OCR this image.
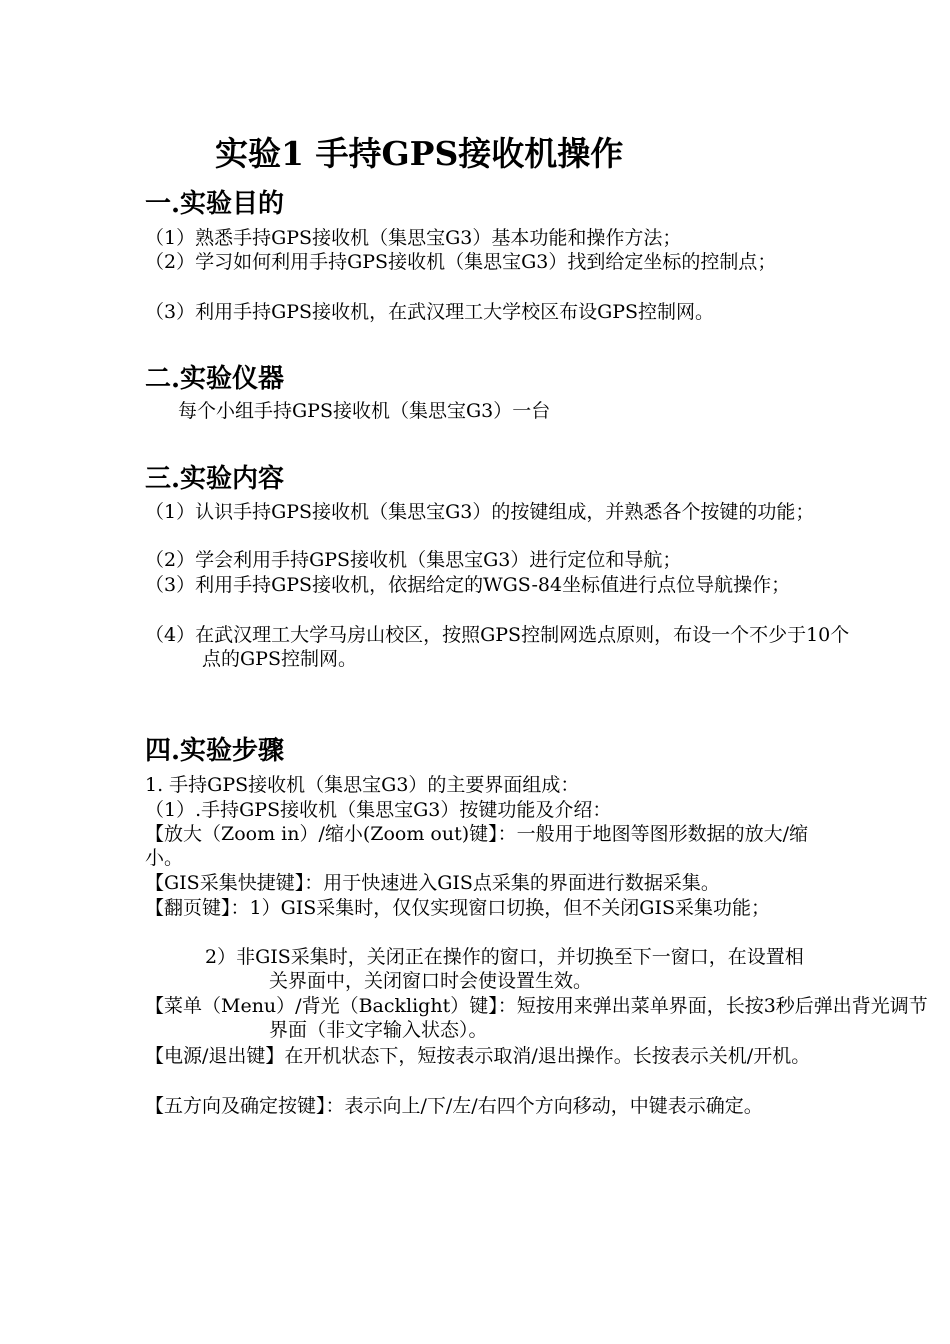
实验1 手持GPS接收机操作
一.实验目的
（1）熟悉手持GPS接收机（集思宝G3）基本功能和操作方法；
（2）学习如何利用手持GPS接收机（集思宝G3）找到给定坐标的控制点；
（3）利用手持GPS接收机，在武汉理工大学校区布设GPS控制网。
二.实验仪器
每个小组手持GPS接收机（集思宝G3）一台
三.实验内容
（1）认识手持GPS接收机（集思宝G3）的按键组成，并熟悉各个按键的功能；
（2）学会利用手持GPS接收机（集思宝G3）进行定位和导航；
（3）利用手持GPS接收机，依据给定的WGS-84坐标值进行点位导航操作；
（4）在武汉理工大学马房山校区，按照GPS控制网选点原则，布设一个不少于10个点的GPS控制网。
四.实验步骤
1. 手持GPS接收机（集思宝G3）的主要界面组成：
（1）.手持GPS接收机（集思宝G3）按键功能及介绍：
【放大（Zoom in）/缩小(Zoom out)键】：一般用于地图等图形数据的放大/缩小。
【GIS采集快捷键】：用于快速进入GIS点采集的界面进行数据采集。
【翻页键】：1）GIS采集时，仅仅实现窗口切换，但不关闭GIS采集功能；
2）非GIS采集时，关闭正在操作的窗口，并切换至下一窗口，在设置相关界面中，关闭窗口时会使设置生效。
【菜单（Menu）/背光（Backlight）键】：短按用来弹出菜单界面，长按3秒后弹出背光调节界面（非文字输入状态）。
【电源/退出键】在开机状态下，短按表示取消/退出操作。长按表示关机/开机。
【五方向及确定按键】：表示向上/下/左/右四个方向移动，中键表示确定。
